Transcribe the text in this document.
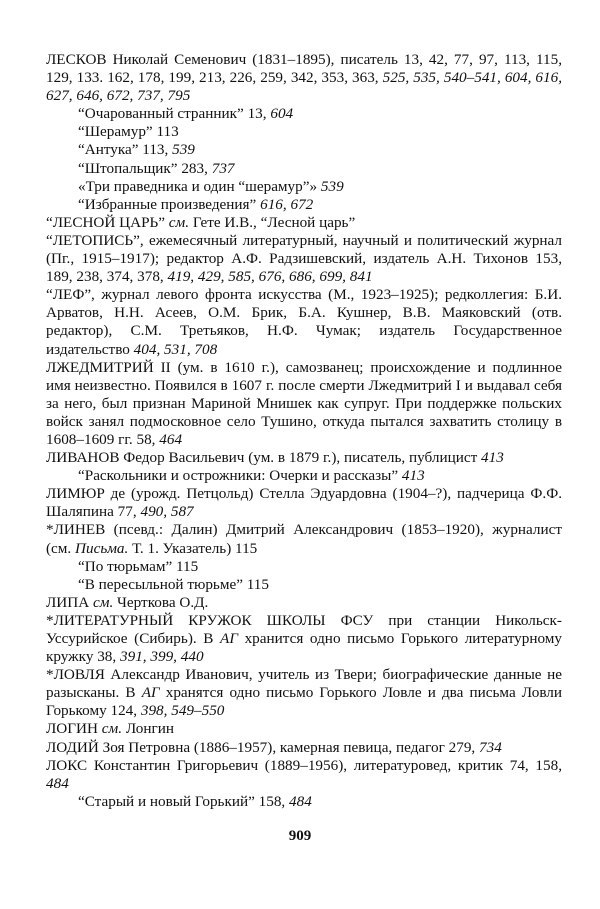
ЛЕСКОВ Николай Семенович (1831–1895), писатель 13, 42, 77, 97, 113, 115, 129, 133. 162, 178, 199, 213, 226, 259, 342, 353, 363, 525, 535, 540–541, 604, 616, 627, 646, 672, 737, 795
“Очарованный странник” 13, 604
“Шерамур” 113
“Антука” 113, 539
“Штопальщик” 283, 737
«Три праведника и один “шерамур”» 539
“Избранные произведения” 616, 672
“ЛЕСНОЙ ЦАРЬ” см. Гете И.В., “Лесной царь”
“ЛЕТОПИСЬ”, ежемесячный литературный, научный и политический журнал (Пг., 1915–1917); редактор А.Ф. Радзишевский, издатель А.Н. Тихонов 153, 189, 238, 374, 378, 419, 429, 585, 676, 686, 699, 841
“ЛЕФ”, журнал левого фронта искусства (М., 1923–1925); редколлегия: Б.И. Арватов, Н.Н. Асеев, О.М. Брик, Б.А. Кушнер, В.В. Маяковский (отв. редактор), С.М. Третьяков, Н.Ф. Чумак; издатель Государственное издательство 404, 531, 708
ЛЖЕДМИТРИЙ II (ум. в 1610 г.), самозванец; происхождение и подлинное имя неизвестно. Появился в 1607 г. после смерти Лжедмитрий I и выдавал себя за него, был признан Мариной Мнишек как супруг. При поддержке польских войск занял подмосковное село Тушино, откуда пытался захватить столицу в 1608–1609 гг. 58, 464
ЛИВАНОВ Федор Васильевич (ум. в 1879 г.), писатель, публицист 413
“Раскольники и острожники: Очерки и рассказы” 413
ЛИМЮР де (урожд. Петцольд) Стелла Эдуардовна (1904–?), падчерица Ф.Ф. Шаляпина 77, 490, 587
*ЛИНЕВ (псевд.: Далин) Дмитрий Александрович (1853–1920), журналист (см. Письма. Т. 1. Указатель) 115
“По тюрьмам” 115
“В пересыльной тюрьме” 115
ЛИПА см. Черткова О.Д.
*ЛИТЕРАТУРНЫЙ КРУЖОК ШКОЛЫ ФСУ при станции Никольск-Уссурийское (Сибирь). В АГ хранится одно письмо Горького литературному кружку 38, 391, 399, 440
*ЛОВЛЯ Александр Иванович, учитель из Твери; биографические данные не разысканы. В АГ хранятся одно письмо Горького Ловле и два письма Ловли Горькому 124, 398, 549–550
ЛОГИН см. Лонгин
ЛОДИЙ Зоя Петровна (1886–1957), камерная певица, педагог 279, 734
ЛОКС Константин Григорьевич (1889–1956), литературовед, критик 74, 158, 484
“Старый и новый Горький” 158, 484
909
